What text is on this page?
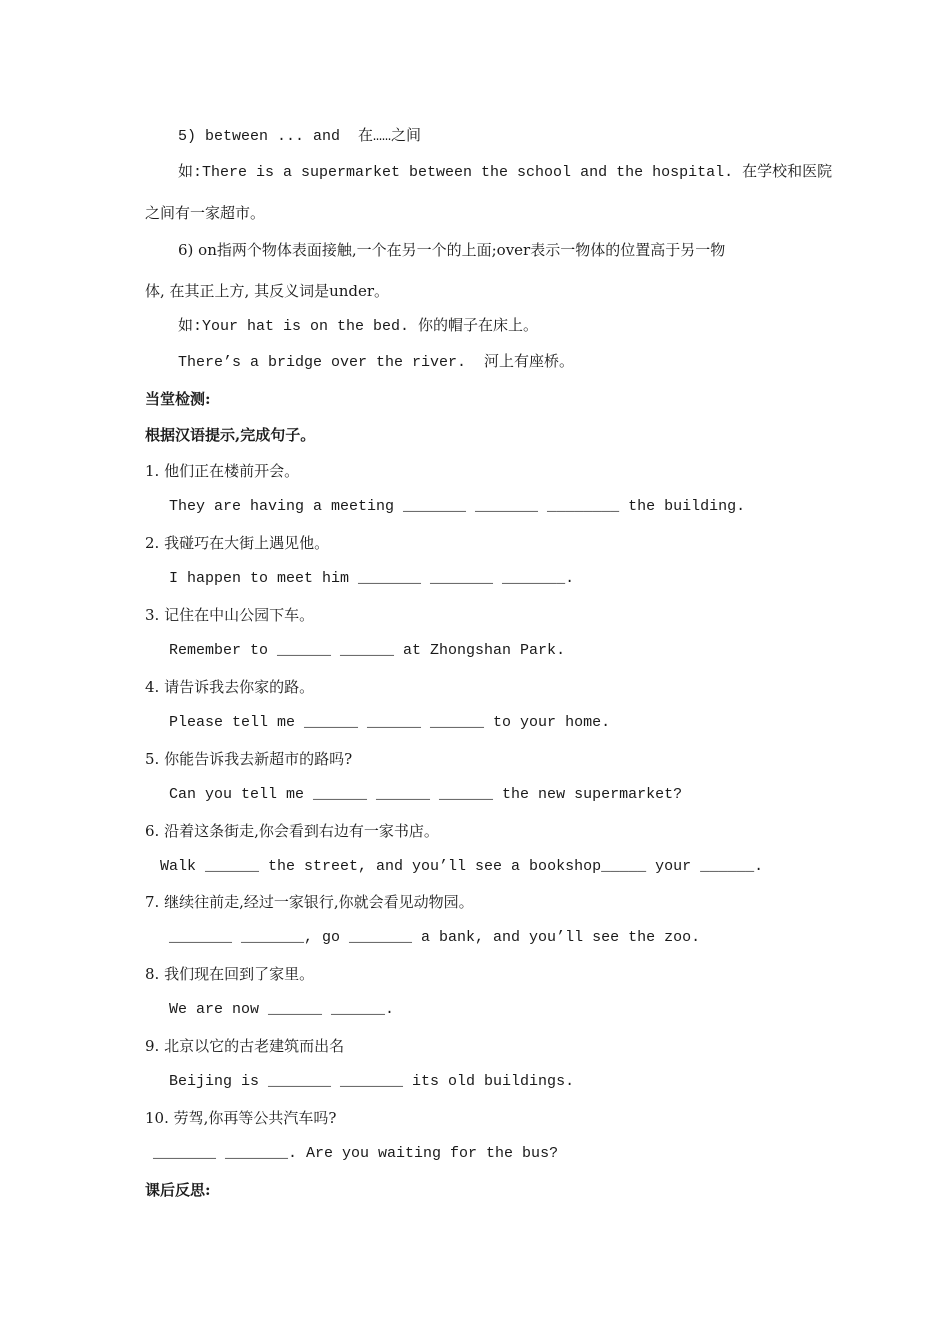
5) between ... and  在……之间
如:There is a supermarket between the school and the hospital. 在学校和医院
之间有一家超市。
6) on指两个物体表面接触,一个在另一个的上面;over表示一物体的位置高于另一物
体, 在其正上方, 其反义词是under。
如:Your hat is on the bed. 你的帽子在床上。
There’s a bridge over the river.  河上有座桥。
当堂检测:
根据汉语提示,完成句子。
1. 他们正在楼前开会。
They are having a meeting _______ _______ ________ the building.
2. 我碰巧在大街上遇见他。
I happen to meet him _______ _______ _______.
3. 记住在中山公园下车。
Remember to ______ ______ at Zhongshan Park.
4. 请告诉我去你家的路。
Please tell me ______ ______ ______ to your home.
5. 你能告诉我去新超市的路吗?
Can you tell me ______ ______ ______ the new supermarket?
6. 沿着这条街走,你会看到右边有一家书店。
Walk ______ the street, and you’ll see a bookshop_____ your ______.
7. 继续往前走,经过一家银行,你就会看见动物园。
_______ _______, go _______ a bank, and you’ll see the zoo.
8. 我们现在回到了家里。
We are now ______ ______.
9. 北京以它的古老建筑而出名
Beijing is _______ _______ its old buildings.
10. 劳驾,你再等公共汽车吗?
_______ _______. Are you waiting for the bus?
课后反思:
